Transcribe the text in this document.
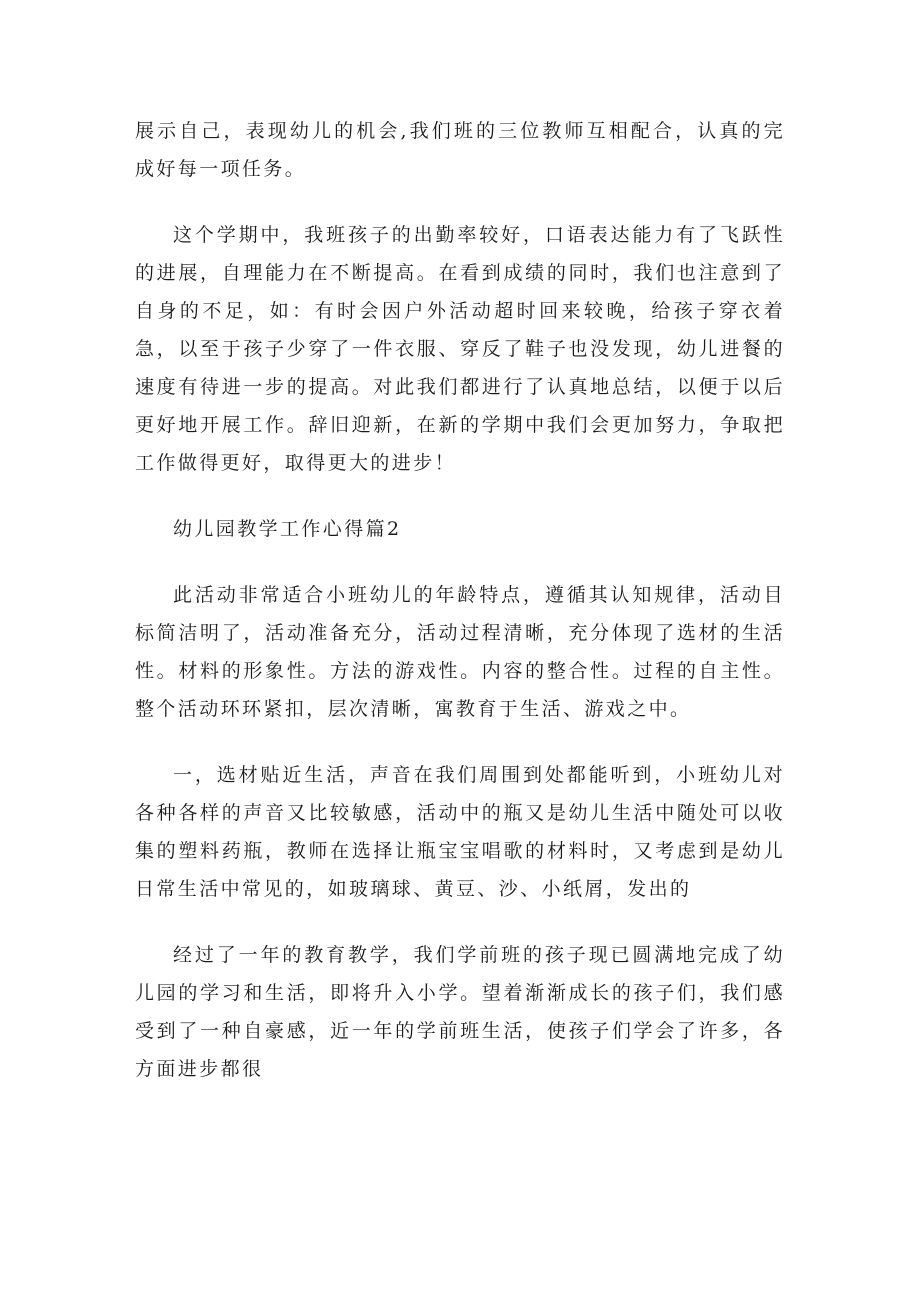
展示自己，表现幼儿的机会,我们班的三位教师互相配合，认真的完成好每一项任务。

这个学期中，我班孩子的出勤率较好，口语表达能力有了飞跃性的进展，自理能力在不断提高。在看到成绩的同时，我们也注意到了自身的不足，如：有时会因户外活动超时回来较晚，给孩子穿衣着急，以至于孩子少穿了一件衣服、穿反了鞋子也没发现，幼儿进餐的速度有待进一步的提高。对此我们都进行了认真地总结，以便于以后更好地开展工作。辞旧迎新，在新的学期中我们会更加努力，争取把工作做得更好，取得更大的进步！

幼儿园教学工作心得篇2

此活动非常适合小班幼儿的年龄特点，遵循其认知规律，活动目标简洁明了，活动准备充分，活动过程清晰，充分体现了选材的生活性。材料的形象性。方法的游戏性。内容的整合性。过程的自主性。整个活动环环紧扣，层次清晰，寓教育于生活、游戏之中。

一，选材贴近生活，声音在我们周围到处都能听到，小班幼儿对各种各样的声音又比较敏感，活动中的瓶又是幼儿生活中随处可以收集的塑料药瓶，教师在选择让瓶宝宝唱歌的材料时，又考虑到是幼儿日常生活中常见的，如玻璃球、黄豆、沙、小纸屑，发出的

经过了一年的教育教学，我们学前班的孩子现已圆满地完成了幼儿园的学习和生活，即将升入小学。望着渐渐成长的孩子们，我们感受到了一种自豪感，近一年的学前班生活，使孩子们学会了许多，各方面进步都很
